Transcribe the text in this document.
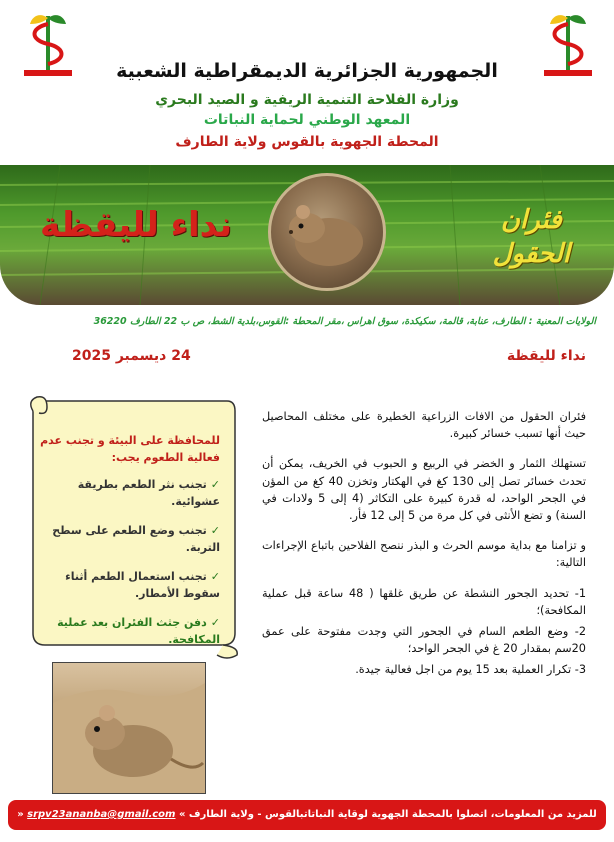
الجمهورية الجزائرية الديمقراطية الشعبية
وزارة الفلاحة التنمية الريفية و الصيد البحري
المعهد الوطني لحماية النباتات
المحطة الجهوية بالقوس ولاية الطارف
نداء لليقظة	فئران
الحقول
الولايات المعنية : الطارف، عنابة، قالمة، سكيكدة، سوق اهراس ،مقر المحطة :القوس،بلدية الشط، ص ب 22 الطارف 36220
24 ديسمبر 2025	نداء لليقظة
للمحافظة على البيئة و تجنب عدم فعالية الطعوم يجب:
✓تجنب نثر الطعم بطريقة عشوائية.
✓تجنب وضع الطعم على سطح التربة.
✓تجنب استعمال الطعم أثناء سقوط الأمطار.
✓دفن جثث الفئران بعد عملية المكافحة.

فئران الحقول من الافات الزراعية الخطيرة على مختلف المحاصيل حيث أنها تسبب خسائر كبيرة.

تستهلك الثمار و الخضر في الربيع و الحبوب في الخريف، يمكن أن تحدث خسائر تصل إلى 130 كغ في الهكتار وتخزن 40 كغ من المؤن في الجحر الواحد، له قدرة كبيرة على التكاثر (4 إلى 5 ولادات في السنة) و تضع الأنثى في كل مرة من 5 إلى 12 فأر.

و تزامنا مع بداية موسم الحرث و البذر ننصح الفلاحين باتباع الإجراءات التالية:

1- تحديد الجحور النشطة عن طريق غلقها ( 48 ساعة قبل عملية المكافحة)؛

2- وضع الطعم السام في الجحور التي وجدت مفتوحة على عمق 20سم بمقدار 20 غ في الجحر الواحد؛

3- تكرار العملية بعد 15 يوم من اجل فعالية جيدة.

للمزيد من المعلومات، اتصلوا بالمحطة الجهوية لوقاية النباتاتبالقوس - ولاية الطارف » srpv23ananba@gmail.com «
